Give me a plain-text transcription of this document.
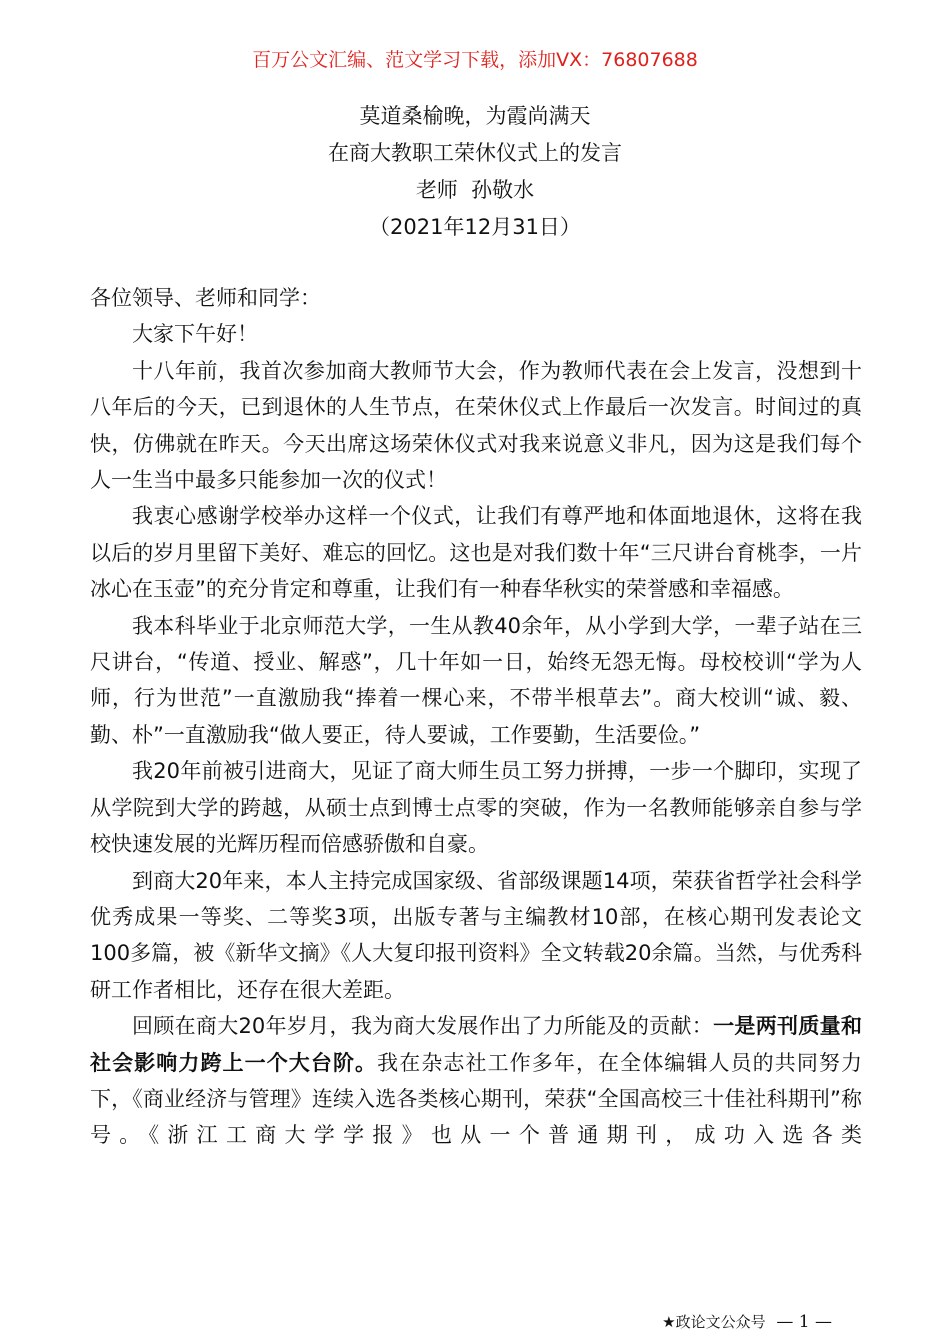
百万公文汇编、范文学习下载，添加VX：76807688
莫道桑榆晚，为霞尚满天
在商大教职工荣休仪式上的发言
老师  孙敬水
（2021年12月31日）

各位领导、老师和同学：

大家下午好！

十八年前，我首次参加商大教师节大会，作为教师代表在会上发言，没想到十八年后的今天，已到退休的人生节点，在荣休仪式上作最后一次发言。时间过的真快，仿佛就在昨天。今天出席这场荣休仪式对我来说意义非凡，因为这是我们每个人一生当中最多只能参加一次的仪式！

我衷心感谢学校举办这样一个仪式，让我们有尊严地和体面地退休，这将在我以后的岁月里留下美好、难忘的回忆。这也是对我们数十年“三尺讲台育桃李，一片冰心在玉壶”的充分肯定和尊重，让我们有一种春华秋实的荣誉感和幸福感。

我本科毕业于北京师范大学，一生从教40余年，从小学到大学，一辈子站在三尺讲台，“传道、授业、解惑”，几十年如一日，始终无怨无悔。母校校训“学为人师，行为世范”一直激励我“捧着一棵心来，不带半根草去”。商大校训“诚、毅、勤、朴”一直激励我“做人要正，待人要诚，工作要勤，生活要俭。”

我20年前被引进商大，见证了商大师生员工努力拼搏，一步一个脚印，实现了从学院到大学的跨越，从硕士点到博士点零的突破，作为一名教师能够亲自参与学校快速发展的光辉历程而倍感骄傲和自豪。

到商大20年来，本人主持完成国家级、省部级课题14项，荣获省哲学社会科学优秀成果一等奖、二等奖3项，出版专著与主编教材10部，在核心期刊发表论文100多篇，被《新华文摘》《人大复印报刊资料》全文转载20余篇。当然，与优秀科研工作者相比，还存在很大差距。

回顾在商大20年岁月，我为商大发展作出了力所能及的贡献：一是两刊质量和社会影响力跨上一个大台阶。我在杂志社工作多年，在全体编辑人员的共同努力下，《商业经济与管理》连续入选各类核心期刊，荣获“全国高校三十佳社科期刊”称号。《浙江工商大学学报》也从一个普通期刊，成功入选各类

★政论文公众号 — 1 —
